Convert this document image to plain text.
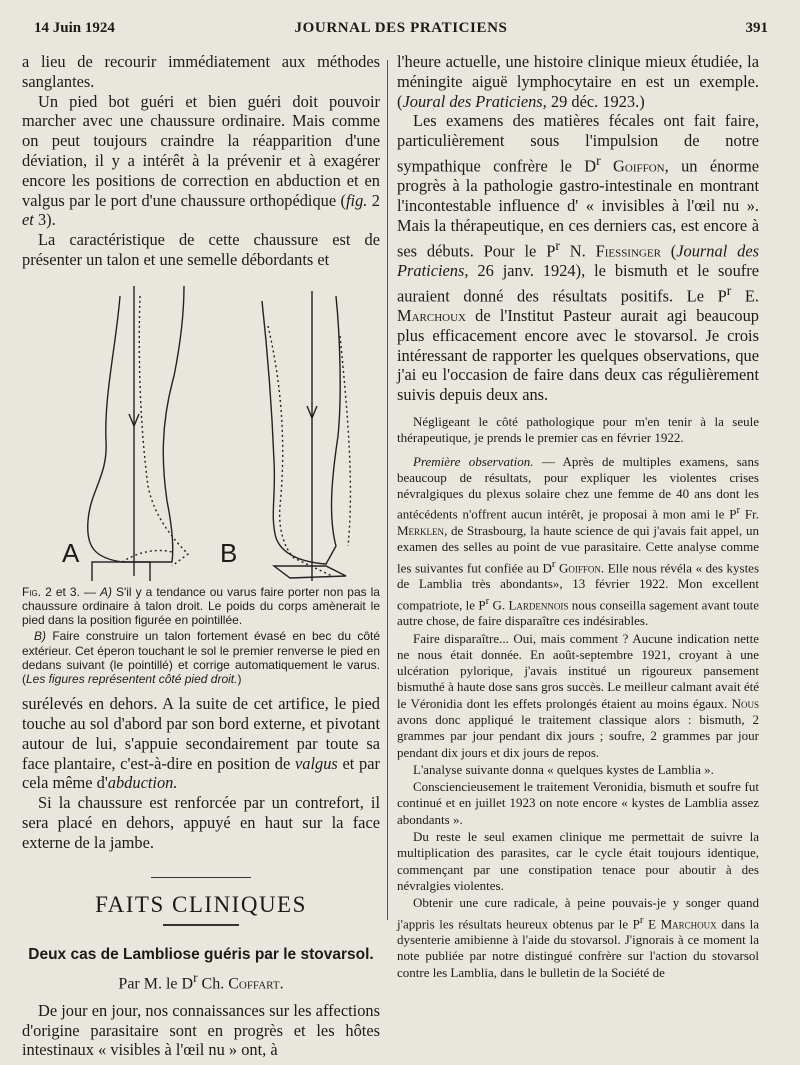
14 Juin 1924	JOURNAL DES PRATICIENS	391

a lieu de recourir immédiatement aux méthodes sanglantes.

Un pied bot guéri et bien guéri doit pouvoir marcher avec une chaussure ordinaire. Mais comme on peut toujours craindre la réapparition d'une déviation, il y a intérêt à la prévenir et à exagérer encore les positions de correction en abduction et en valgus par le port d'une chaussure orthopédique (fig. 2 et 3).

La caractéristique de cette chaussure est de présenter un talon et une semelle débordants et

A	B

Fig. 2 et 3. — A) S'il y a tendance ou varus faire porter non pas la chaussure ordinaire à talon droit. Le poids du corps amènerait le pied dans la position figurée en pointillée.

B) Faire construire un talon fortement évasé en bec du côté extérieur. Cet éperon touchant le sol le premier renverse le pied en dedans suivant (le pointillé) et corrige automatiquement le varus. (Les figures représentent côté pied droit.)

surélevés en dehors. A la suite de cet artifice, le pied touche au sol d'abord par son bord externe, et pivotant autour de lui, s'appuie secondairement par toute sa face plantaire, c'est-à-dire en position de valgus et par cela même d'abduction.

Si la chaussure est renforcée par un contrefort, il sera placé en dehors, appuyé en haut sur la face externe de la jambe.

FAITS CLINIQUES
Deux cas de Lambliose guéris par le stovarsol.
Par M. le $D^r$ Ch. Coffart.

De jour en jour, nos connaissances sur les affections d'origine parasitaire sont en progrès et les hôtes intestinaux « visibles à l'œil nu » ont, à

l'heure actuelle, une histoire clinique mieux étudiée, la méningite aiguë lymphocytaire en est un exemple. (Joural des Praticiens, 29 déc. 1923.)

Les examens des matières fécales ont fait faire, particulièrement sous l'impulsion de notre sympathique confrère le $D^r$ Goiffon, un énorme progrès à la pathologie gastro-intestinale en montrant l'incontestable influence d' « invisibles à l'œil nu ». Mais la thérapeutique, en ces derniers cas, est encore à ses débuts. Pour le $P^r$ N. Fiessinger (Journal des Praticiens, 26 janv. 1924), le bismuth et le soufre auraient donné des résultats positifs. Le $P^r$ E. Marchoux de l'Institut Pasteur aurait agi beaucoup plus efficacement encore avec le stovarsol. Je crois intéressant de rapporter les quelques observations, que j'ai eu l'occasion de faire dans deux cas régulièrement suivis depuis deux ans.

Négligeant le côté pathologique pour m'en tenir à la seule thérapeutique, je prends le premier cas en février 1922.

Première observation. — Après de multiples examens, sans beaucoup de résultats, pour expliquer les violentes crises névralgiques du plexus solaire chez une femme de 40 ans dont les antécédents n'offrent aucun intérêt, je proposai à mon ami le $P^r$ Fr. Merklen, de Strasbourg, la haute science de qui j'avais fait appel, un examen des selles au point de vue parasitaire. Cette analyse comme les suivantes fut confiée au $D^r$ Goiffon. Elle nous révéla « des kystes de Lamblia très abondants», 13 février 1922. Mon excellent compatriote, le $P^r$ G. Lardennois nous conseilla sagement avant toute autre chose, de faire disparaître ces indésirables.

Faire disparaître... Oui, mais comment ? Aucune indication nette ne nous était donnée. En août-septembre 1921, croyant à une ulcération pylorique, j'avais institué un rigoureux pansement bismuthé à haute dose sans gros succès. Le meilleur calmant avait été le Véronidia dont les effets prolongés étaient au moins égaux. Nous avons donc appliqué le traitement classique alors : bismuth, 2 grammes par jour pendant dix jours ; soufre, 2 grammes par jour pendant dix jours et dix jours de repos.

L'analyse suivante donna « quelques kystes de Lamblia ».

Consciencieusement le traitement Veronidia, bismuth et soufre fut continué et en juillet 1923 on note encore « kystes de Lamblia assez abondants ».

Du reste le seul examen clinique me permettait de suivre la multiplication des parasites, car le cycle était toujours identique, commençant par une constipation tenace pour aboutir à des névralgies violentes.

Obtenir une cure radicale, à peine pouvais-je y songer quand j'appris les résultats heureux obtenus par le $P^r$ E Marchoux dans la dysenterie amibienne à l'aide du stovarsol. J'ignorais à ce moment la note publiée par notre distingué confrère sur l'action du stovarsol contre les Lamblia, dans le bulletin de la Société de
